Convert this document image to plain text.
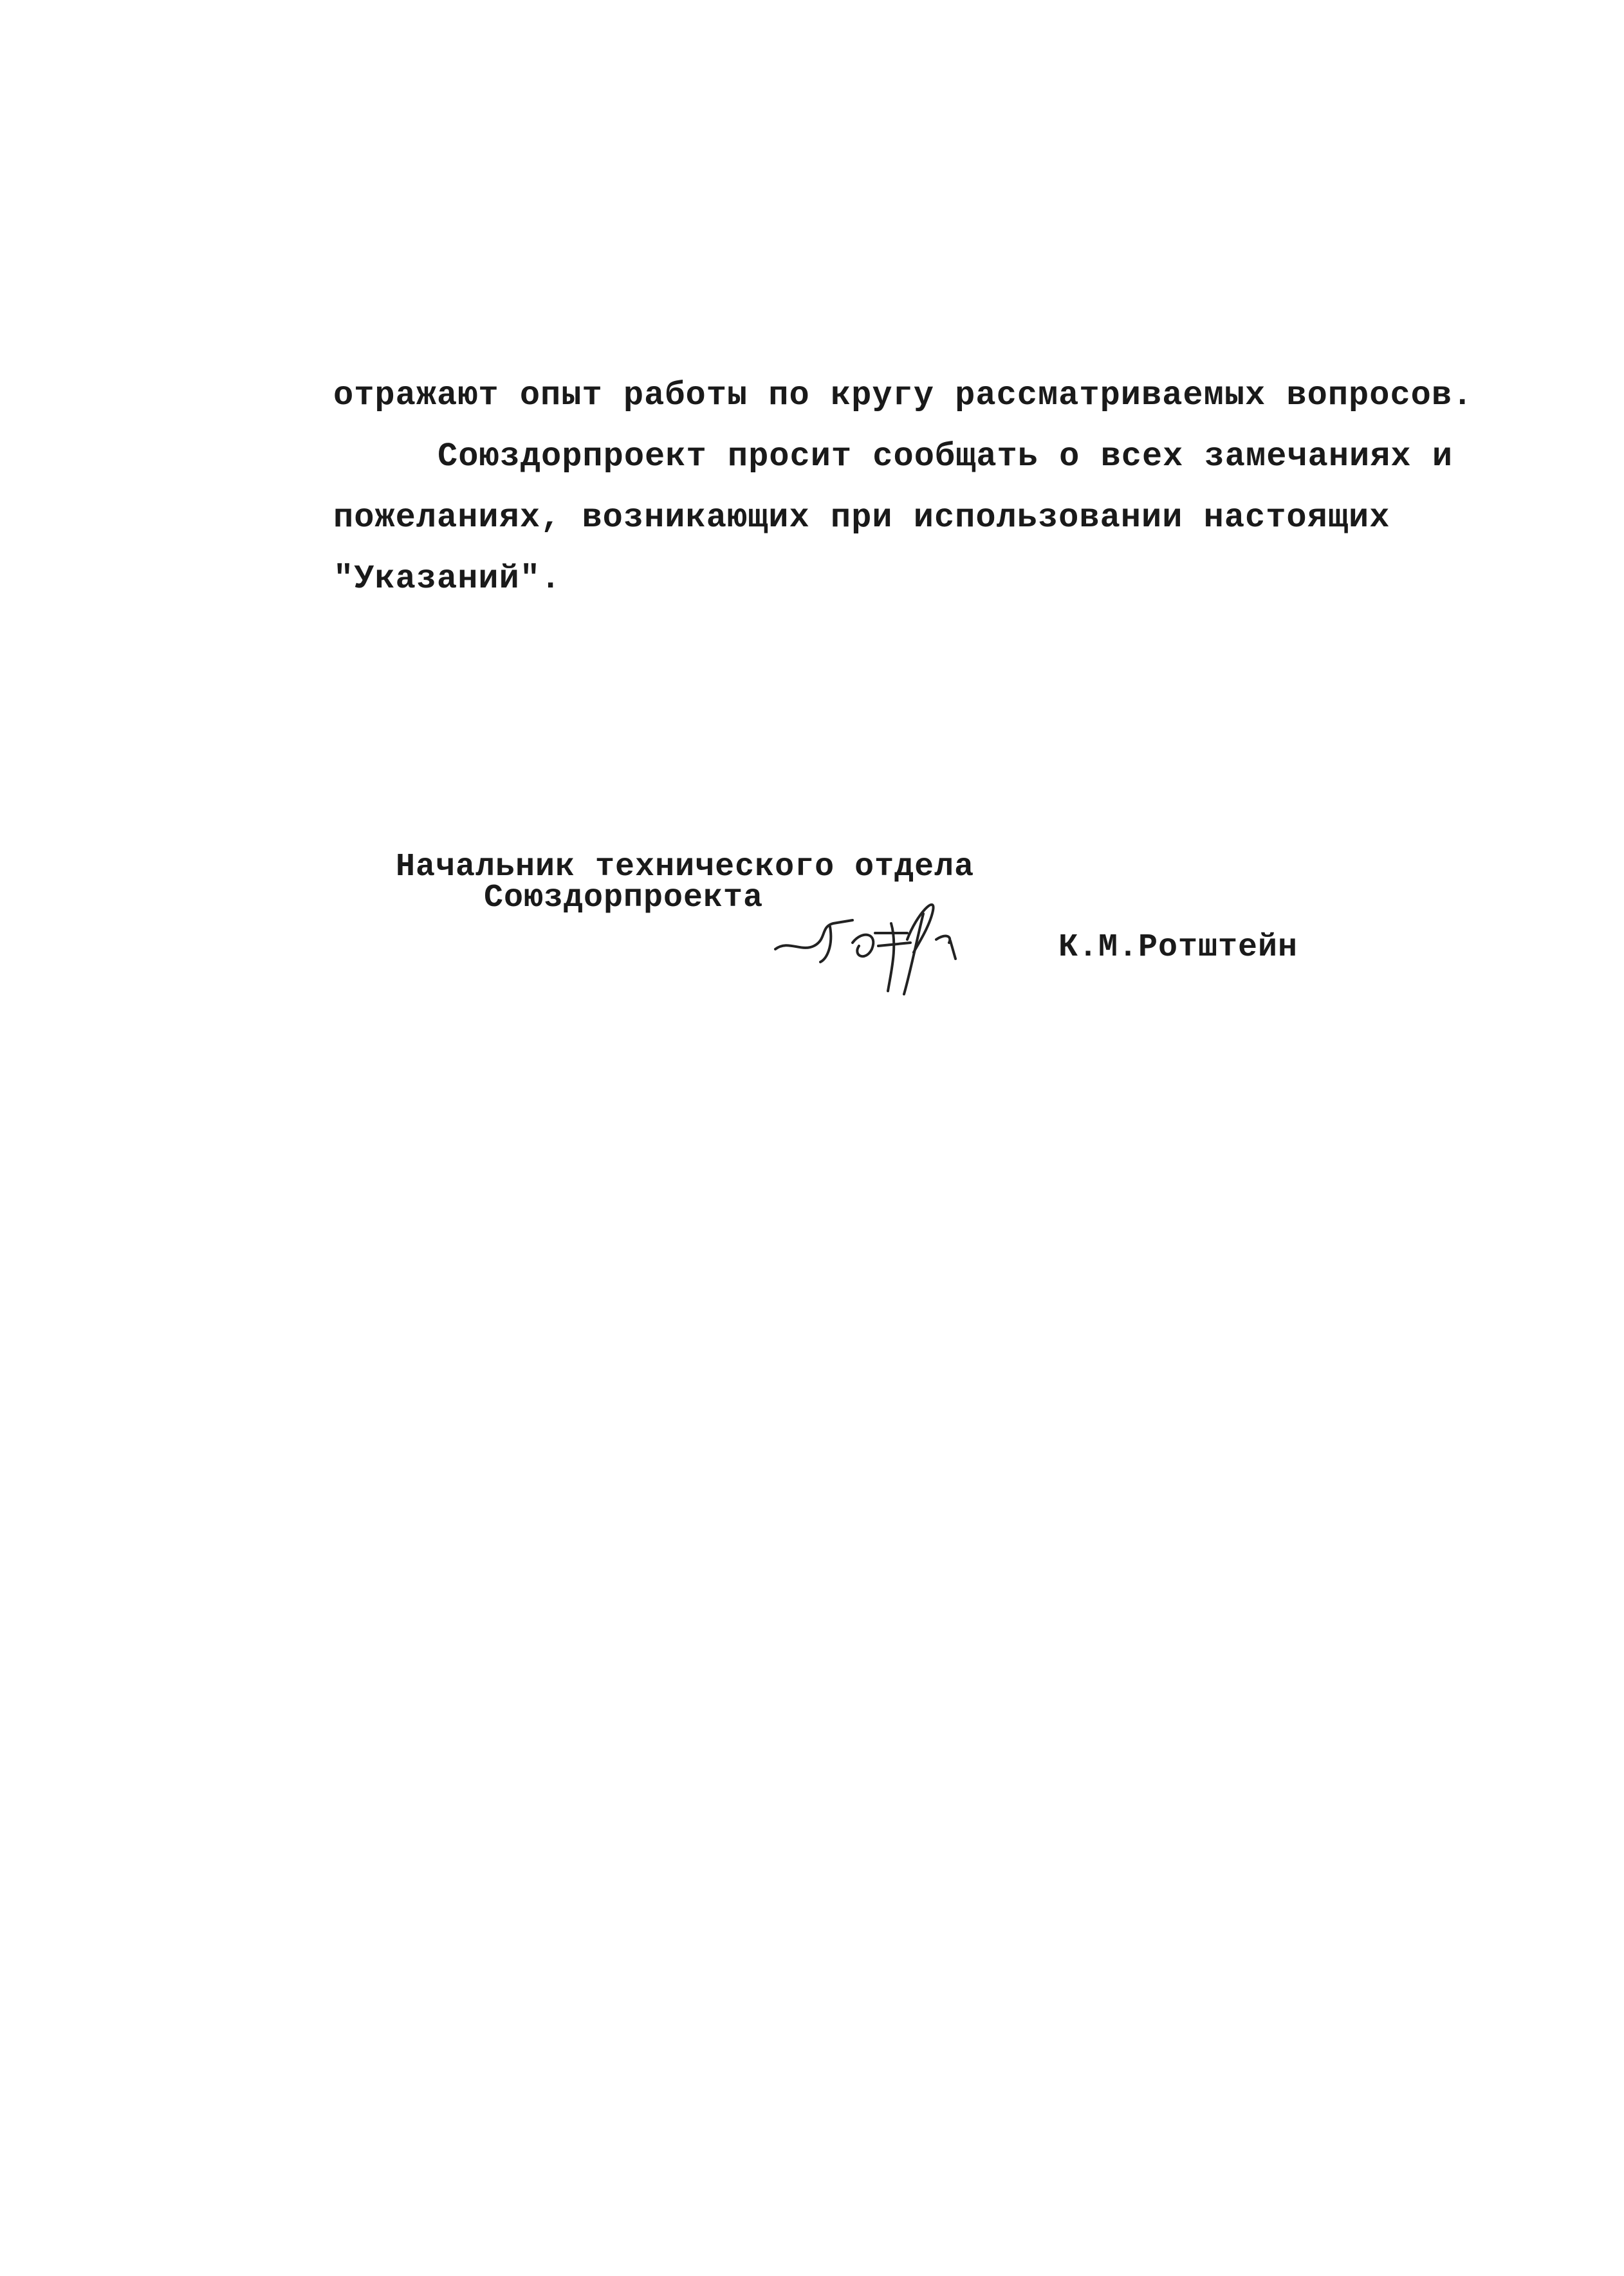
отражают опыт работы по кругу рассматриваемых вопросов.
Союздорпроект просит сообщать о всех замечаниях и
пожеланиях, возникающих при использовании настоящих
"Указаний".
Начальник технического отдела
Союздорпроекта
К.М.Ротштейн
